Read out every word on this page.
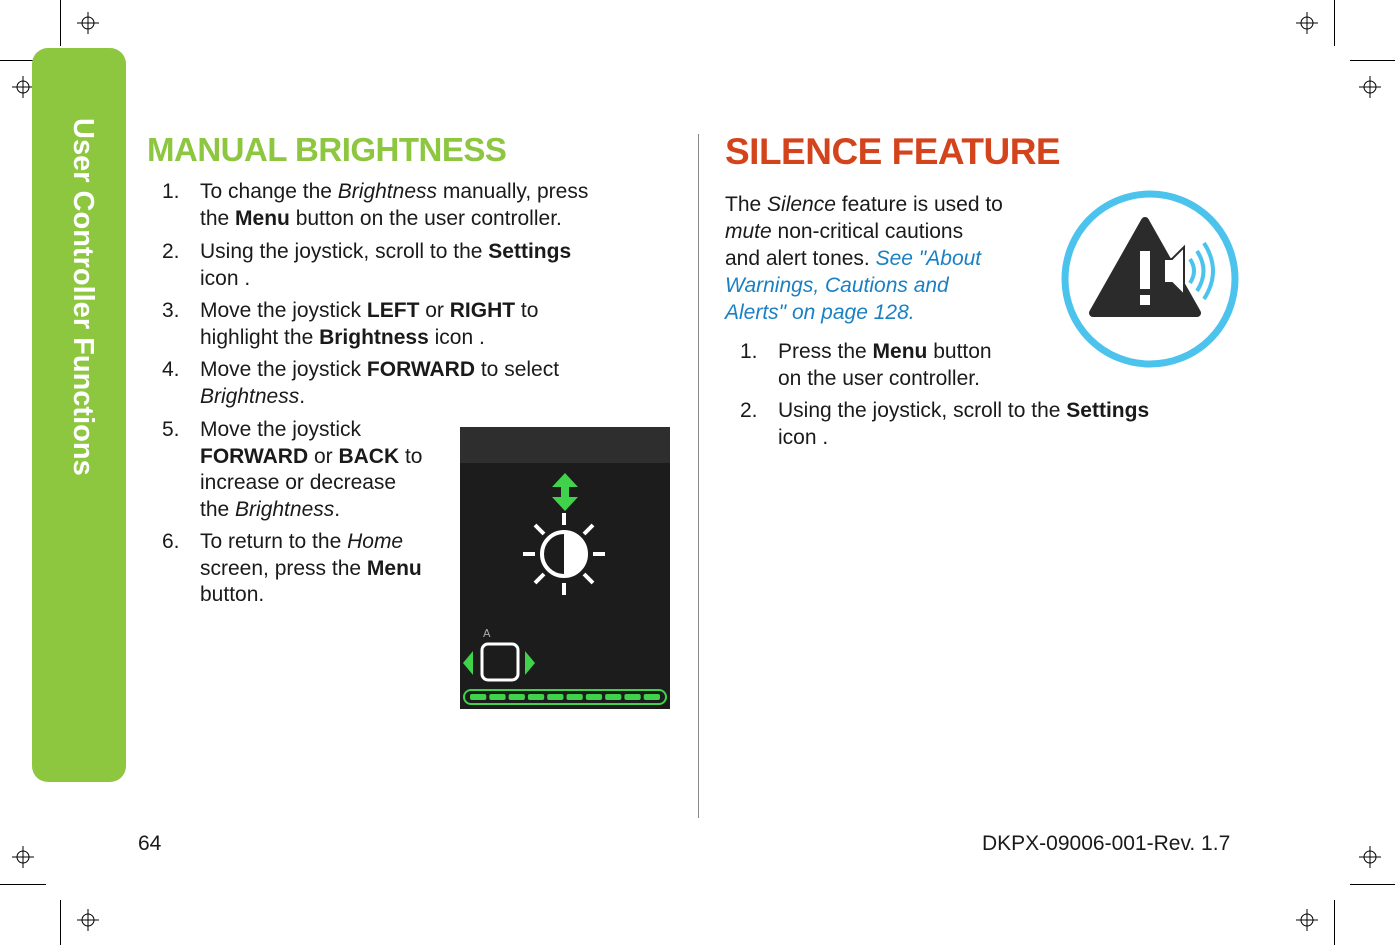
User Controller Functions MANUAL BRIGHTNESS
1. To change the Brightness manually, press
the Menu button on the user controller.
2. Using the joystick, scroll to the Settings
icon .
3. Move the joystick LEFT or RIGHT to
highlight the Brightness icon .
4. Move the joystick FORWARD to select
Brightness.
5. Move the joystick
FORWARD or BACK to
increase or decrease
the Brightness.
6. To return to the Home
screen, press the Menu
button.
A
SILENCE FEATURE

The Silence feature is used to
mute non-critical cautions
and alert tones. See "About
Warnings, Cautions and
Alerts" on page 128.

1. Press the Menu button
on the user controller.
2. Using the joystick, scroll to the Settings
icon .
64	DKPX-09006-001-Rev. 1.7
